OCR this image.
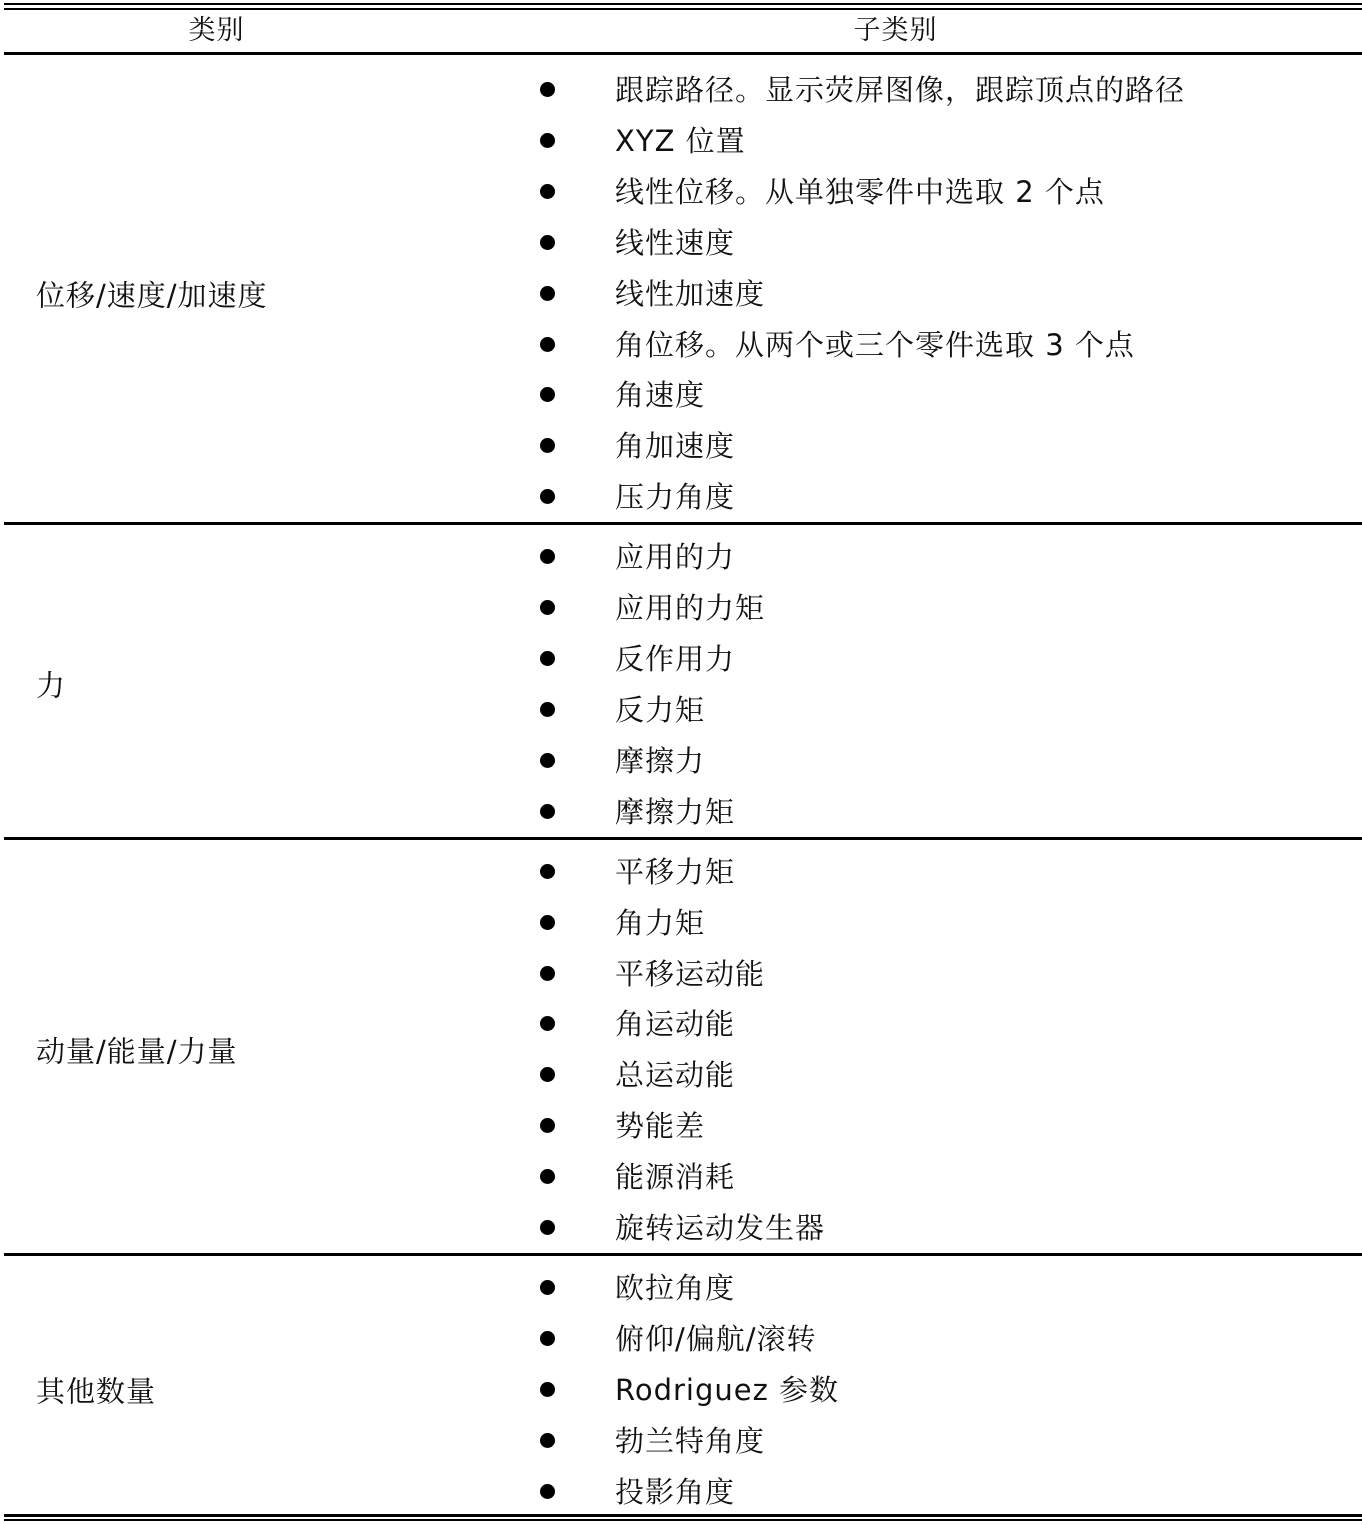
类别	子类别
位移/速度/加速度
跟踪路径。显示荧屏图像，跟踪顶点的路径
XYZ 位置
线性位移。从单独零件中选取 2 个点
线性速度
线性加速度
角位移。从两个或三个零件选取 3 个点
角速度
角加速度
压力角度
力
应用的力
应用的力矩
反作用力
反力矩
摩擦力
摩擦力矩
动量/能量/力量
平移力矩
角力矩
平移运动能
角运动能
总运动能
势能差
能源消耗
旋转运动发生器
其他数量
欧拉角度
俯仰/偏航/滚转
Rodriguez 参数
勃兰特角度
投影角度
